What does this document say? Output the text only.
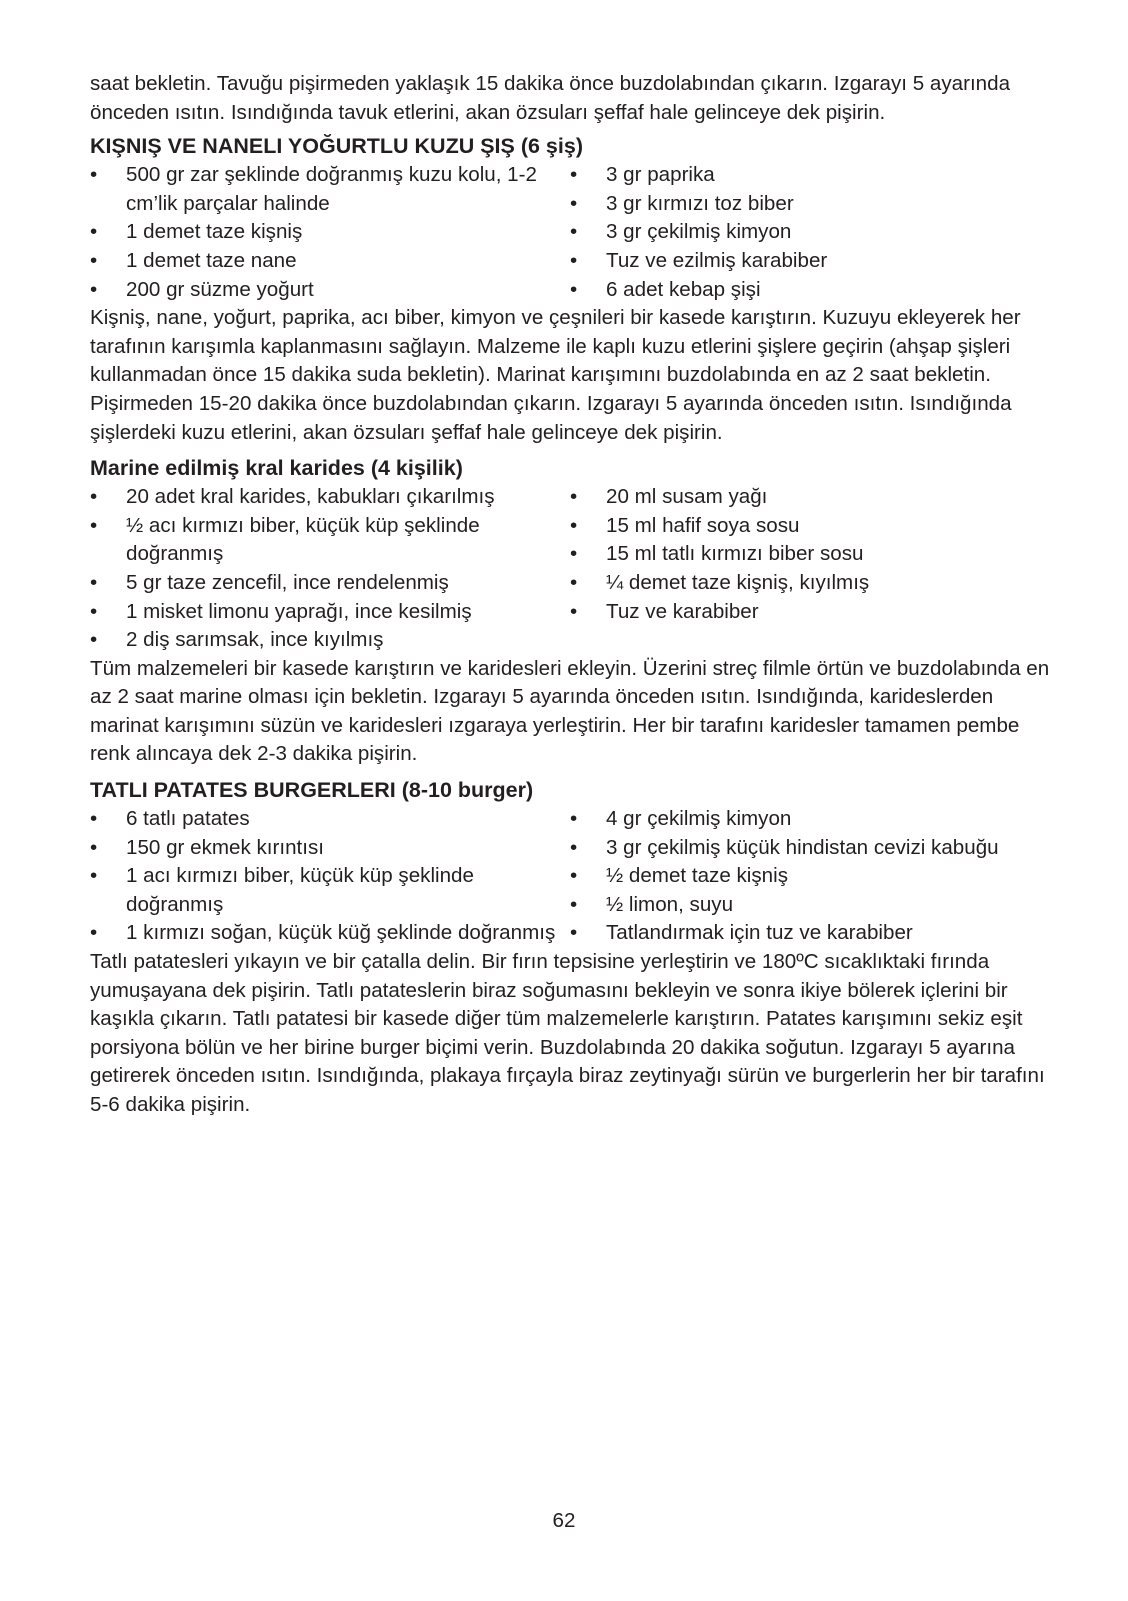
saat bekletin. Tavuğu pişirmeden yaklaşık 15 dakika önce buzdolabından çıkarın. Izgarayı 5 ayarında önceden ısıtın. Isındığında tavuk etlerini, akan özsuları şeffaf hale gelinceye dek pişirin.

KIŞNIŞ VE NANELI YOĞURTLU KUZU ŞIŞ (6 şiş)
• 500 gr zar şeklinde doğranmış kuzu kolu, 1-2 cm’lik parçalar halinde
• 1 demet taze kişniş
• 1 demet taze nane
• 200 gr süzme yoğurt
• 3 gr paprika
• 3 gr kırmızı toz biber
• 3 gr çekilmiş kimyon
• Tuz ve ezilmiş karabiber
• 6 adet kebap şişi

Kişniş, nane, yoğurt, paprika, acı biber, kimyon ve çeşnileri bir kasede karıştırın. Kuzuyu ekleyerek her tarafının karışımla kaplanmasını sağlayın. Malzeme ile kaplı kuzu etlerini şişlere geçirin (ahşap şişleri kullanmadan önce 15 dakika suda bekletin). Marinat karışımını buzdolabında en az 2 saat bekletin. Pişirmeden 15-20 dakika önce buzdolabından çıkarın. Izgarayı 5 ayarında önceden ısıtın. Isındığında şişlerdeki kuzu etlerini, akan özsuları şeffaf hale gelinceye dek pişirin.

Marine edilmiş kral karides (4 kişilik)
• 20 adet kral karides, kabukları çıkarılmış
• ½ acı kırmızı biber, küçük küp şeklinde doğranmış
• 5 gr taze zencefil, ince rendelenmiş
• 1 misket limonu yaprağı, ince kesilmiş
• 2 diş sarımsak, ince kıyılmış
• 20 ml susam yağı
• 15 ml hafif soya sosu
• 15 ml tatlı kırmızı biber sosu
• ¼ demet taze kişniş, kıyılmış
• Tuz ve karabiber

Tüm malzemeleri bir kasede karıştırın ve karidesleri ekleyin. Üzerini streç filmle örtün ve buzdolabında en az 2 saat marine olması için bekletin. Izgarayı 5 ayarında önceden ısıtın. Isındığında, karideslerden marinat karışımını süzün ve karidesleri ızgaraya yerleştirin. Her bir tarafını karidesler tamamen pembe renk alıncaya dek 2-3 dakika pişirin.

TATLI PATATES BURGERLERI (8-10 burger)
• 6 tatlı patates
• 150 gr ekmek kırıntısı
• 1 acı kırmızı biber, küçük küp şeklinde doğranmış
• 1 kırmızı soğan, küçük küğ şeklinde doğranmış
• 4 gr çekilmiş kimyon
• 3 gr çekilmiş küçük hindistan cevizi kabuğu
• ½ demet taze kişniş
• ½ limon, suyu
• Tatlandırmak için tuz ve karabiber

Tatlı patatesleri yıkayın ve bir çatalla delin. Bir fırın tepsisine yerleştirin ve 180ºC sıcaklıktaki fırında yumuşayana dek pişirin. Tatlı patateslerin biraz soğumasını bekleyin ve sonra ikiye bölerek içlerini bir kaşıkla çıkarın. Tatlı patatesi bir kasede diğer tüm malzemelerle karıştırın. Patates karışımını sekiz eşit porsiyona bölün ve her birine burger biçimi verin. Buzdolabında 20 dakika soğutun. Izgarayı 5 ayarına getirerek önceden ısıtın. Isındığında, plakaya fırçayla biraz zeytinyağı sürün ve burgerlerin her bir tarafını 5-6 dakika pişirin.

62
